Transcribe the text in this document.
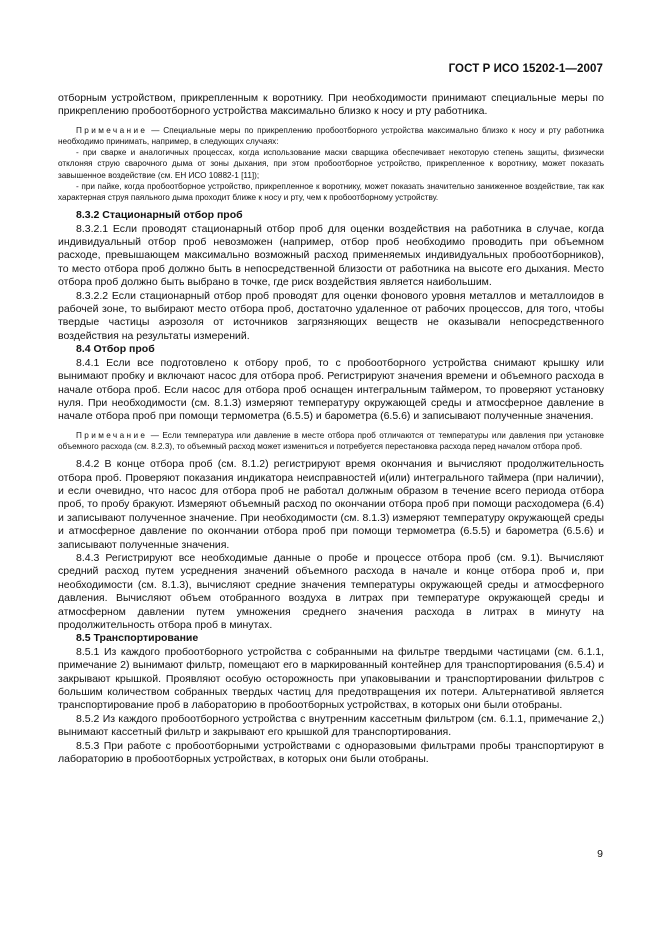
ГОСТ Р ИСО 15202-1—2007

отборным устройством, прикрепленным к воротнику. При необходимости принимают специальные меры по прикреплению пробоотборного устройства максимально близко к носу и рту работника.

Примечание — Специальные меры по прикреплению пробоотборного устройства максимально близко к носу и рту работника необходимо принимать, например, в следующих случаях:

- при сварке и аналогичных процессах, когда использование маски сварщика обеспечивает некоторую степень защиты, физически отклоняя струю сварочного дыма от зоны дыхания, при этом пробоотборное устройство, прикрепленное к воротнику, может показать завышенное воздействие (см. ЕН ИСО 10882-1 [11]);

- при пайке, когда пробоотборное устройство, прикрепленное к воротнику, может показать значительно заниженное воздействие, так как характерная струя паяльного дыма проходит ближе к носу и рту, чем к пробоотборному устройству.

8.3.2 Стационарный отбор проб

8.3.2.1 Если проводят стационарный отбор проб для оценки воздействия на работника в случае, когда индивидуальный отбор проб невозможен (например, отбор проб необходимо проводить при объемном расходе, превышающем максимально возможный расход применяемых индивидуальных пробоотборников), то место отбора проб должно быть в непосредственной близости от работника на высоте его дыхания. Место отбора проб должно быть выбрано в точке, где риск воздействия является наибольшим.

8.3.2.2 Если стационарный отбор проб проводят для оценки фонового уровня металлов и металлоидов в рабочей зоне, то выбирают место отбора проб, достаточно удаленное от рабочих процессов, для того, чтобы твердые частицы аэрозоля от источников загрязняющих веществ не оказывали непосредственного воздействия на результаты измерений.

8.4 Отбор проб

8.4.1 Если все подготовлено к отбору проб, то с пробоотборного устройства снимают крышку или вынимают пробку и включают насос для отбора проб. Регистрируют значения времени и объемного расхода в начале отбора проб. Если насос для отбора проб оснащен интегральным таймером, то проверяют установку нуля. При необходимости (см. 8.1.3) измеряют температуру окружающей среды и атмосферное давление в начале отбора проб при помощи термометра (6.5.5) и барометра (6.5.6) и записывают полученные значения.

Примечание — Если температура или давление в месте отбора проб отличаются от температуры или давления при установке объемного расхода (см. 8.2.3), то объемный расход может измениться и потребуется перестановка расхода перед началом отбора проб.

8.4.2 В конце отбора проб (см. 8.1.2) регистрируют время окончания и вычисляют продолжительность отбора проб. Проверяют показания индикатора неисправностей и(или) интегрального таймера (при наличии), и если очевидно, что насос для отбора проб не работал должным образом в течение всего периода отбора проб, то пробу бракуют. Измеряют объемный расход по окончании отбора проб при помощи расходомера (6.4) и записывают полученное значение. При необходимости (см. 8.1.3) измеряют температуру окружающей среды и атмосферное давление по окончании отбора проб при помощи термометра (6.5.5) и барометра (6.5.6) и записывают полученные значения.

8.4.3 Регистрируют все необходимые данные о пробе и процессе отбора проб (см. 9.1). Вычисляют средний расход путем усреднения значений объемного расхода в начале и конце отбора проб и, при необходимости (см. 8.1.3), вычисляют средние значения температуры окружающей среды и атмосферного давления. Вычисляют объем отобранного воздуха в литрах при температуре окружающей среды и атмосферном давлении путем умножения среднего значения расхода в литрах в минуту на продолжительность отбора проб в минутах.

8.5 Транспортирование

8.5.1 Из каждого пробоотборного устройства с собранными на фильтре твердыми частицами (см. 6.1.1, примечание 2) вынимают фильтр, помещают его в маркированный контейнер для транспортирования (6.5.4) и закрывают крышкой. Проявляют особую осторожность при упаковывании и транспортировании фильтров с большим количеством собранных твердых частиц для предотвращения их потери. Альтернативой является транспортирование проб в лабораторию в пробоотборных устройствах, в которых они были отобраны.

8.5.2 Из каждого пробоотборного устройства с внутренним кассетным фильтром (см. 6.1.1, примечание 2,) вынимают кассетный фильтр и закрывают его крышкой для транспортирования.

8.5.3 При работе с пробоотборными устройствами с одноразовыми фильтрами пробы транспортируют в лабораторию в пробоотборных устройствах, в которых они были отобраны.

9
